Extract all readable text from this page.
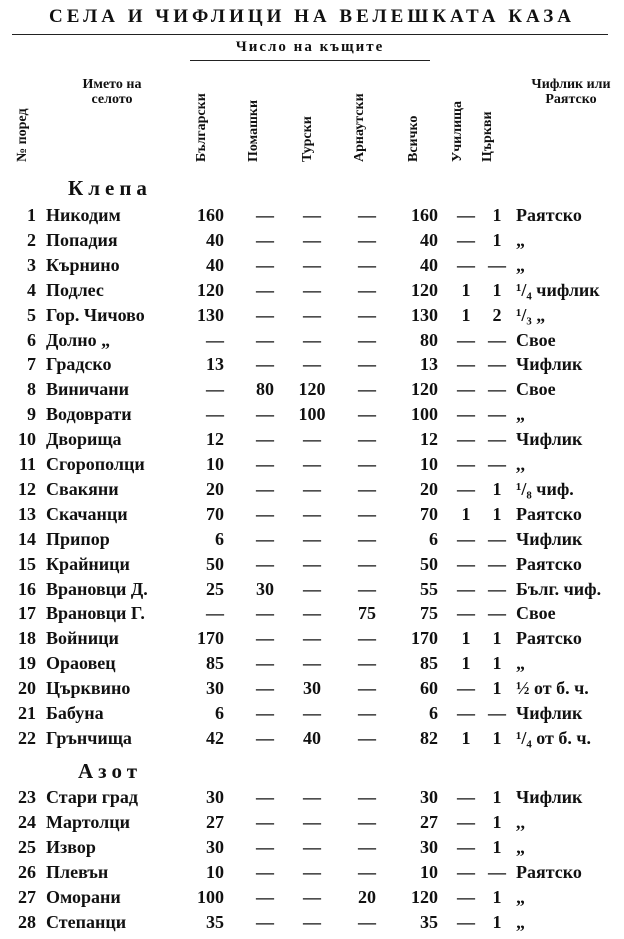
СЕЛА И ЧИФЛИЦИ НА ВЕЛЕШКАТА КАЗА
Число на къщите
№ поред
Името на селото	Български	Помашки	Турски	Арнаутски	Всичко Училища Църкви
Чифлик или Раятско
Клепа
1 Никодим	160	—	—	—	160 — 1 Раятско
2 Попадия	40	—	—	—	40 — 1 „
3 Кърнино	40	—	—	—	40 — — „
4 Подлес	120	—	—	—	120	1	1 ¹/₄ чифлик
5 Гор. Чичово	130	—	—	—	130	1	2 ¹/₃ „
6 Долно „	—	—	—	—	80 — — Свое
7 Градско	13	—	—	—	13 — — Чифлик
8 Виничани	—	80	120	—	120 — — Свое
9 Водоврати	—	—	100	—	100 — — „
10 Дворища	12	—	—	—	12 — — Чифлик
11 Сгорополци	10	—	—	—	10 — — ,,
12 Свакяни	20	—	—	—	20 — 1 ¹/₈ чиф.
13 Скачанци	70	—	—	—	70	1	1 Раятско
14 Припор	6	—	—	—	6 — — Чифлик
15 Крайници	50	—	—	—	50 — — Раятско
16 Врановци Д.	25	30	—	—	55 — — Бълг. чиф.
17 Врановци Г.	—	—	—	75	75 — — Свое
18 Войници	170	—	—	—	170	1	1 Раятско
19 Ораовец	85	—	—	—	85	1	1 „
20 Църквино	30	—	30	—	60 — 1 ½ от б. ч.
21 Бабуна	6	—	—	—	6 — — Чифлик
22 Грънчища	42	—	40	—	82	1	1 ¹/₄ от б. ч.
Азот
23 Стари град	30	—	—	—	30 — 1 Чифлик
24 Мартолци	27	—	—	—	27 — 1 ,,
25 Извор	30	—	—	—	30 — 1 „
26 Плевън	10	—	—	—	10 — — Раятско
27 Оморани	100	—	—	20	120 — 1 „
28 Степанци	35	—	—	—	35 — 1 „
